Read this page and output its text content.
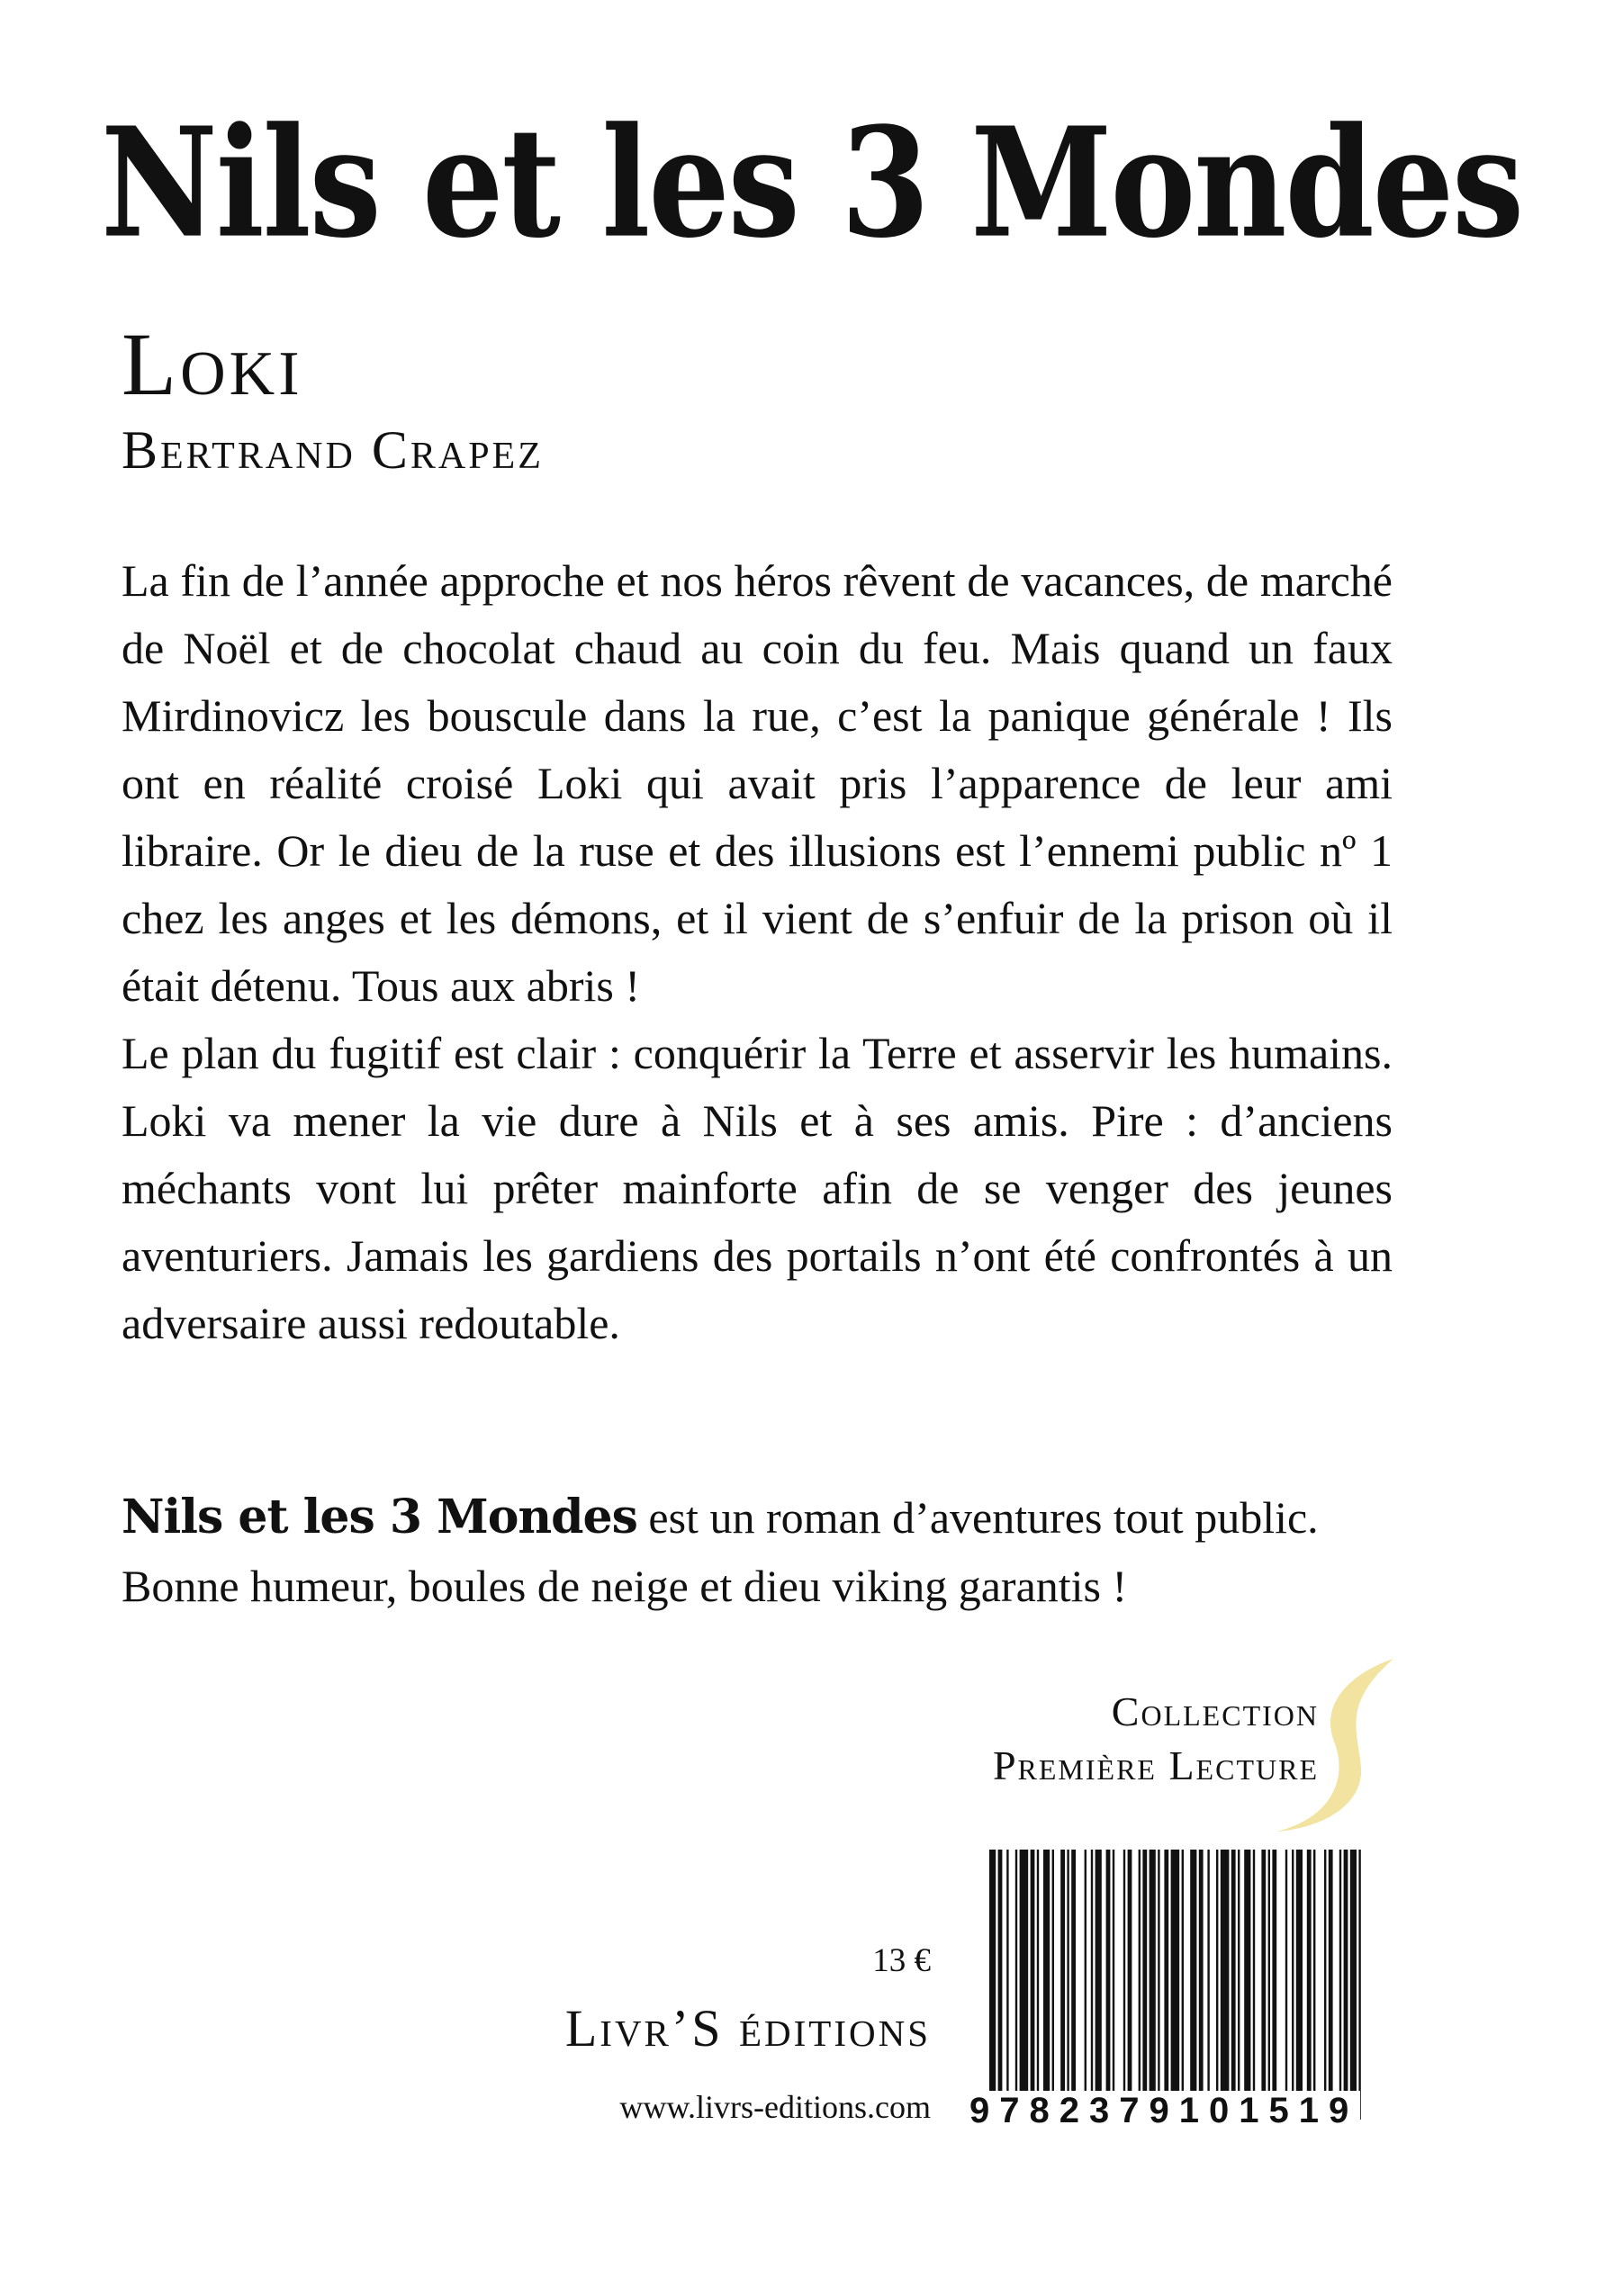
Nils et les 3 Mondes
Loki
Bertrand Crapez

La fin de l’année approche et nos héros rêvent de vacances, de marché de Noël et de chocolat chaud au coin du feu. Mais quand un faux Mirdinovicz les bouscule dans la rue, c’est la panique générale ! Ils ont en réalité croisé Loki qui avait pris l’apparence de leur ami libraire. Or le dieu de la ruse et des illusions est l’ennemi public nº 1 chez les anges et les démons, et il vient de s’enfuir de la prison où il était détenu. Tous aux abris !

Le plan du fugitif est clair : conquérir la Terre et asservir les humains. Loki va mener la vie dure à Nils et à ses amis. Pire : d’anciens méchants vont lui prêter mainforte afin de se venger des jeunes aventuriers. Jamais les gardiens des portails n’ont été confrontés à un adversaire aussi redoutable.

Nils et les 3 Mondes est un roman d’aventures tout public.

Bonne humeur, boules de neige et dieu viking garantis !

Collection
Première Lecture
13 €
Livr’S éditions
www.livrs-editions.com 9782379101519
